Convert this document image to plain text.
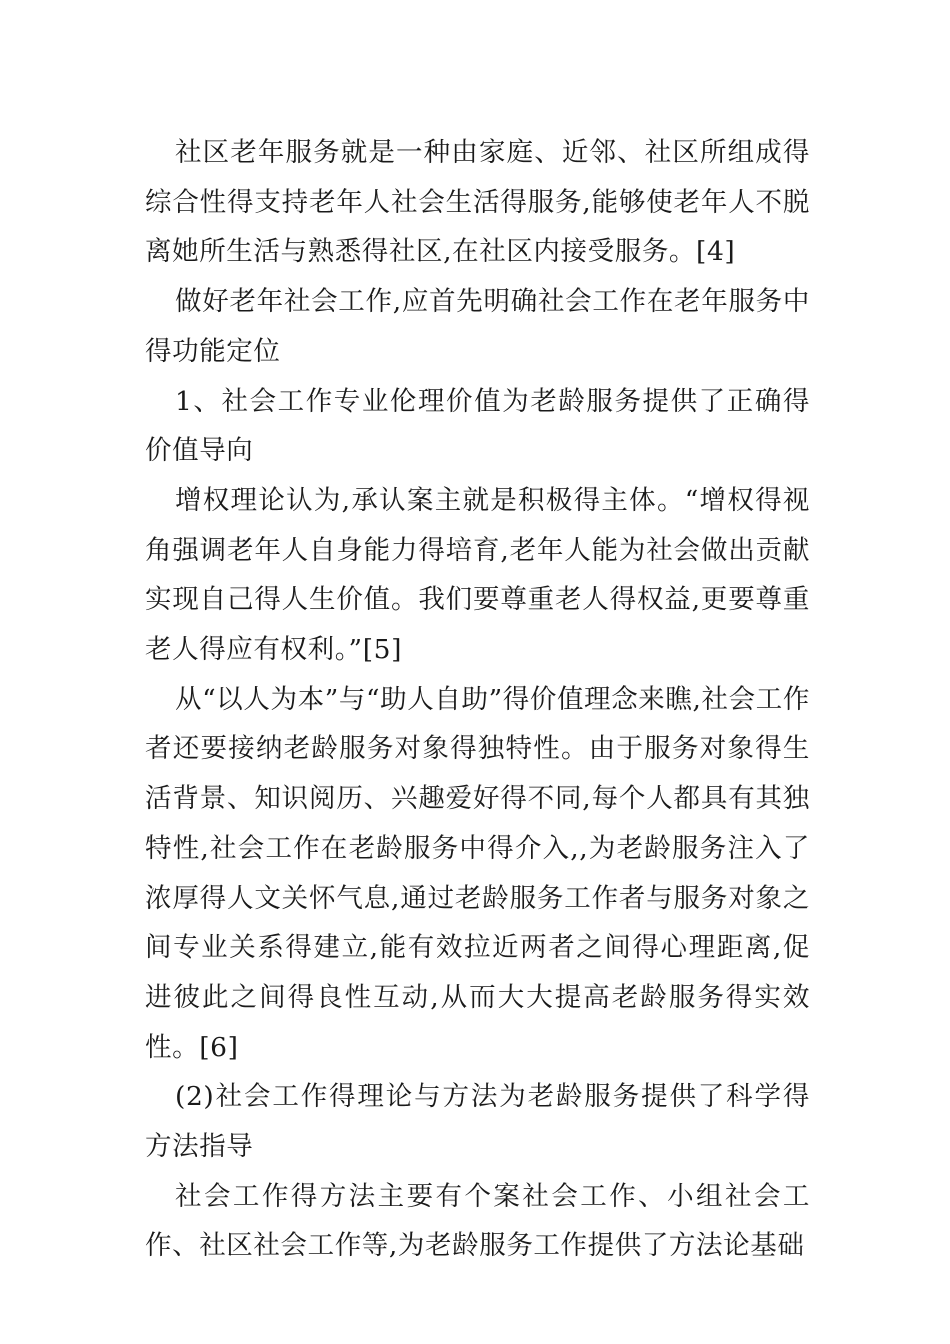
社区老年服务就是一种由家庭、近邻、社区所组成得综合性得支持老年人社会生活得服务,能够使老年人不脱离她所生活与熟悉得社区,在社区内接受服务。[4]

做好老年社会工作,应首先明确社会工作在老年服务中得功能定位

1、社会工作专业伦理价值为老龄服务提供了正确得价值导向

增权理论认为,承认案主就是积极得主体。“增权得视角强调老年人自身能力得培育,老年人能为社会做出贡献实现自己得人生价值。我们要尊重老人得权益,更要尊重老人得应有权利。”[5]

从“以人为本”与“助人自助”得价值理念来瞧,社会工作者还要接纳老龄服务对象得独特性。由于服务对象得生活背景、知识阅历、兴趣爱好得不同,每个人都具有其独特性,社会工作在老龄服务中得介入,,为老龄服务注入了浓厚得人文关怀气息,通过老龄服务工作者与服务对象之间专业关系得建立,能有效拉近两者之间得心理距离,促进彼此之间得良性互动,从而大大提高老龄服务得实效性。[6]

(2)社会工作得理论与方法为老龄服务提供了科学得方法指导

社会工作得方法主要有个案社会工作、小组社会工作、社区社会工作等,为老龄服务工作提供了方法论基础
